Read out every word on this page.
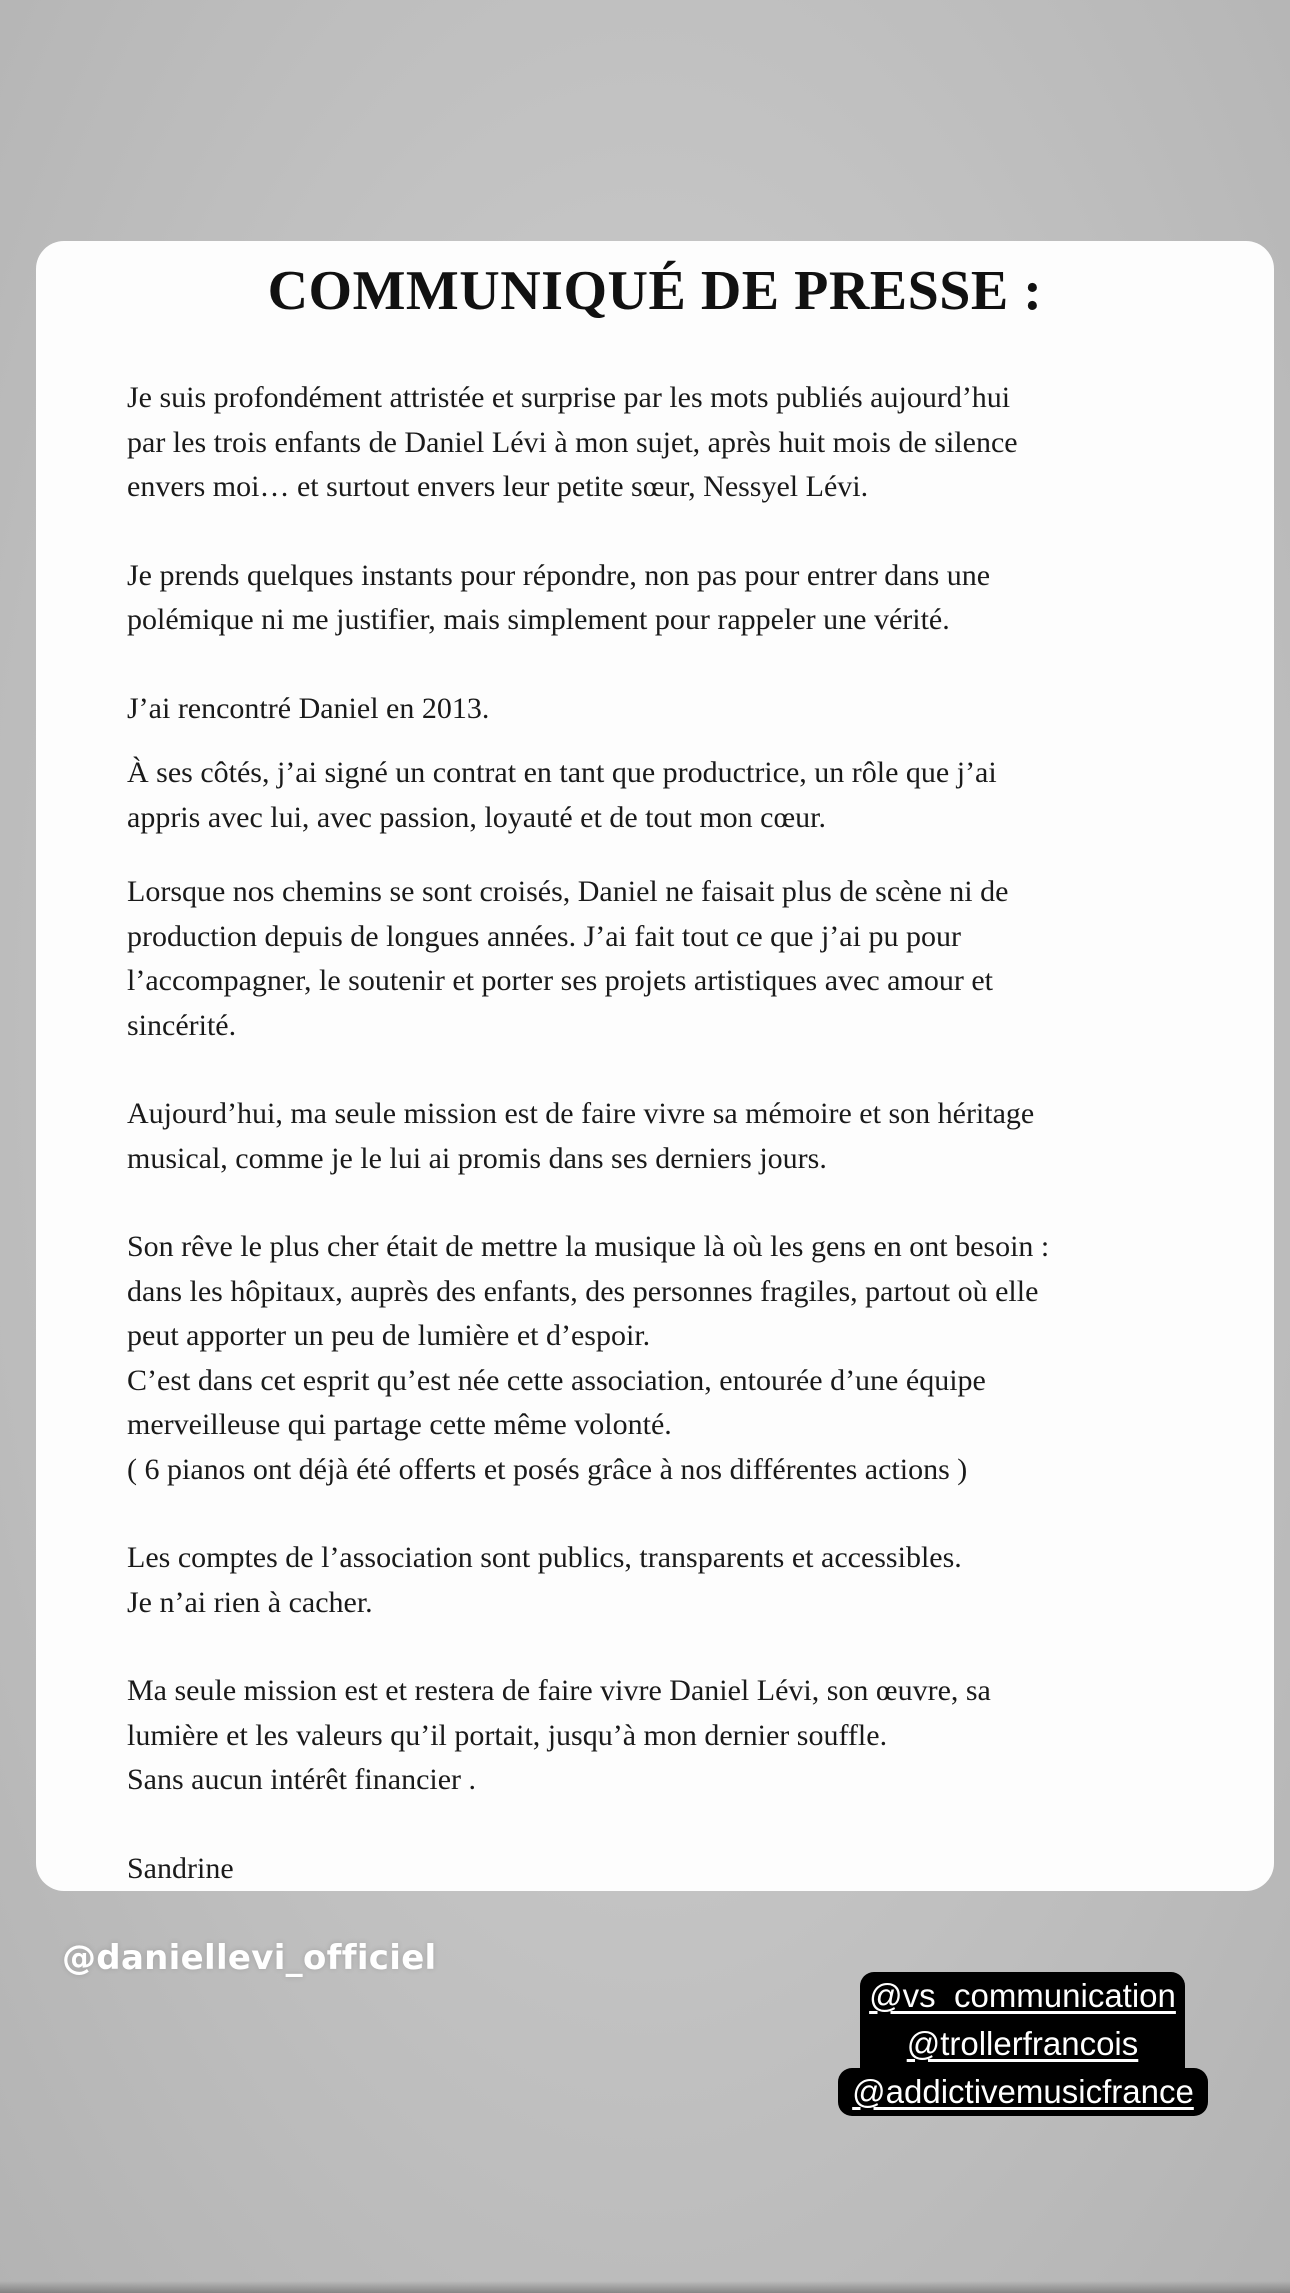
COMMUNIQUÉ DE PRESSE :

Je suis profondément attristée et surprise par les mots publiés aujourd’hui
par les trois enfants de Daniel Lévi à mon sujet, après huit mois de silence
envers moi… et surtout envers leur petite sœur, Nessyel Lévi.

Je prends quelques instants pour répondre, non pas pour entrer dans une
polémique ni me justifier, mais simplement pour rappeler une vérité.

J’ai rencontré Daniel en 2013.

À ses côtés, j’ai signé un contrat en tant que productrice, un rôle que j’ai
appris avec lui, avec passion, loyauté et de tout mon cœur.

Lorsque nos chemins se sont croisés, Daniel ne faisait plus de scène ni de
production depuis de longues années. J’ai fait tout ce que j’ai pu pour
l’accompagner, le soutenir et porter ses projets artistiques avec amour et
sincérité.

Aujourd’hui, ma seule mission est de faire vivre sa mémoire et son héritage
musical, comme je le lui ai promis dans ses derniers jours.

Son rêve le plus cher était de mettre la musique là où les gens en ont besoin :
dans les hôpitaux, auprès des enfants, des personnes fragiles, partout où elle
peut apporter un peu de lumière et d’espoir.
C’est dans cet esprit qu’est née cette association, entourée d’une équipe
merveilleuse qui partage cette même volonté.
( 6 pianos ont déjà été offerts et posés grâce à nos différentes actions )

Les comptes de l’association sont publics, transparents et accessibles.
Je n’ai rien à cacher.

Ma seule mission est et restera de faire vivre Daniel Lévi, son œuvre, sa
lumière et les valeurs qu’il portait, jusqu’à mon dernier souffle.
Sans aucun intérêt financier .

Sandrine

@daniellevi_officiel
@vs_communication
@trollerfrancois
@addictivemusicfrance
